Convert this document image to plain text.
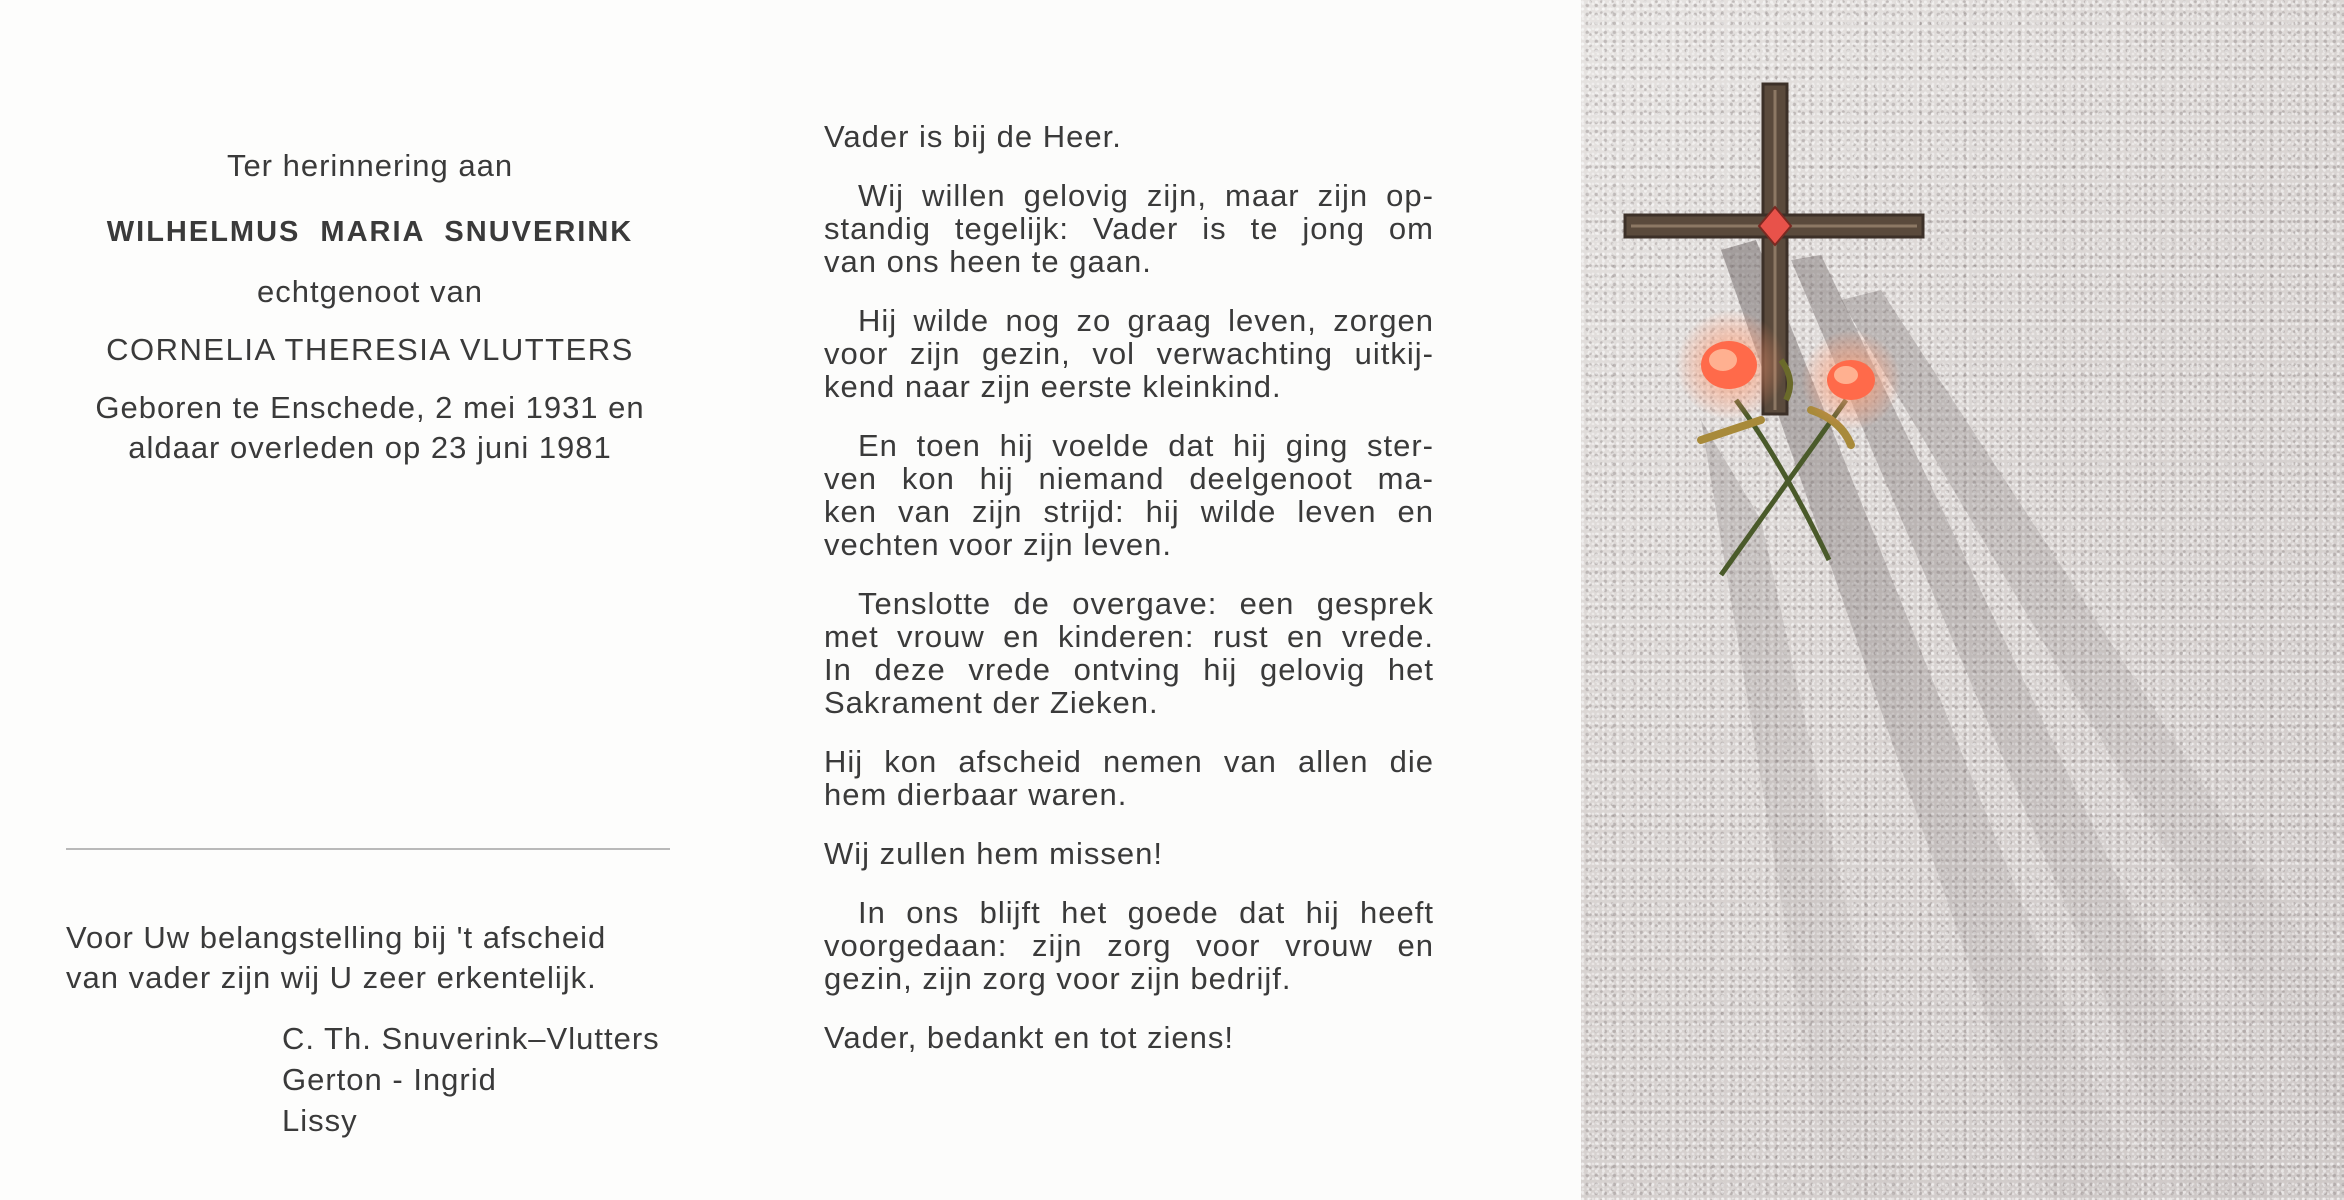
Ter herinnering aan
WILHELMUS MARIA SNUVERINK
echtgenoot van
CORNELIA THERESIA VLUTTERS
Geboren te Enschede, 2 mei 1931 en
aldaar overleden op 23 juni 1981
Voor Uw belangstelling bij 't afscheid
van vader zijn wij U zeer erkentelijk.
C. Th. Snuverink–Vlutters
Gerton - Ingrid
Lissy
Vader is bij de Heer.
Wij willen gelovig zijn, maar zijn op-
standig tegelijk: Vader is te jong om
van ons heen te gaan.
Hij wilde nog zo graag leven, zorgen
voor zijn gezin, vol verwachting uitkij-
kend naar zijn eerste kleinkind.
En toen hij voelde dat hij ging ster-
ven kon hij niemand deelgenoot ma-
ken van zijn strijd: hij wilde leven en
vechten voor zijn leven.
Tenslotte de overgave: een gesprek
met vrouw en kinderen: rust en vrede.
In deze vrede ontving hij gelovig het
Sakrament der Zieken.
Hij kon afscheid nemen van allen die
hem dierbaar waren.
Wij zullen hem missen!
In ons blijft het goede dat hij heeft
voorgedaan: zijn zorg voor vrouw en
gezin, zijn zorg voor zijn bedrijf.
Vader, bedankt en tot ziens!
